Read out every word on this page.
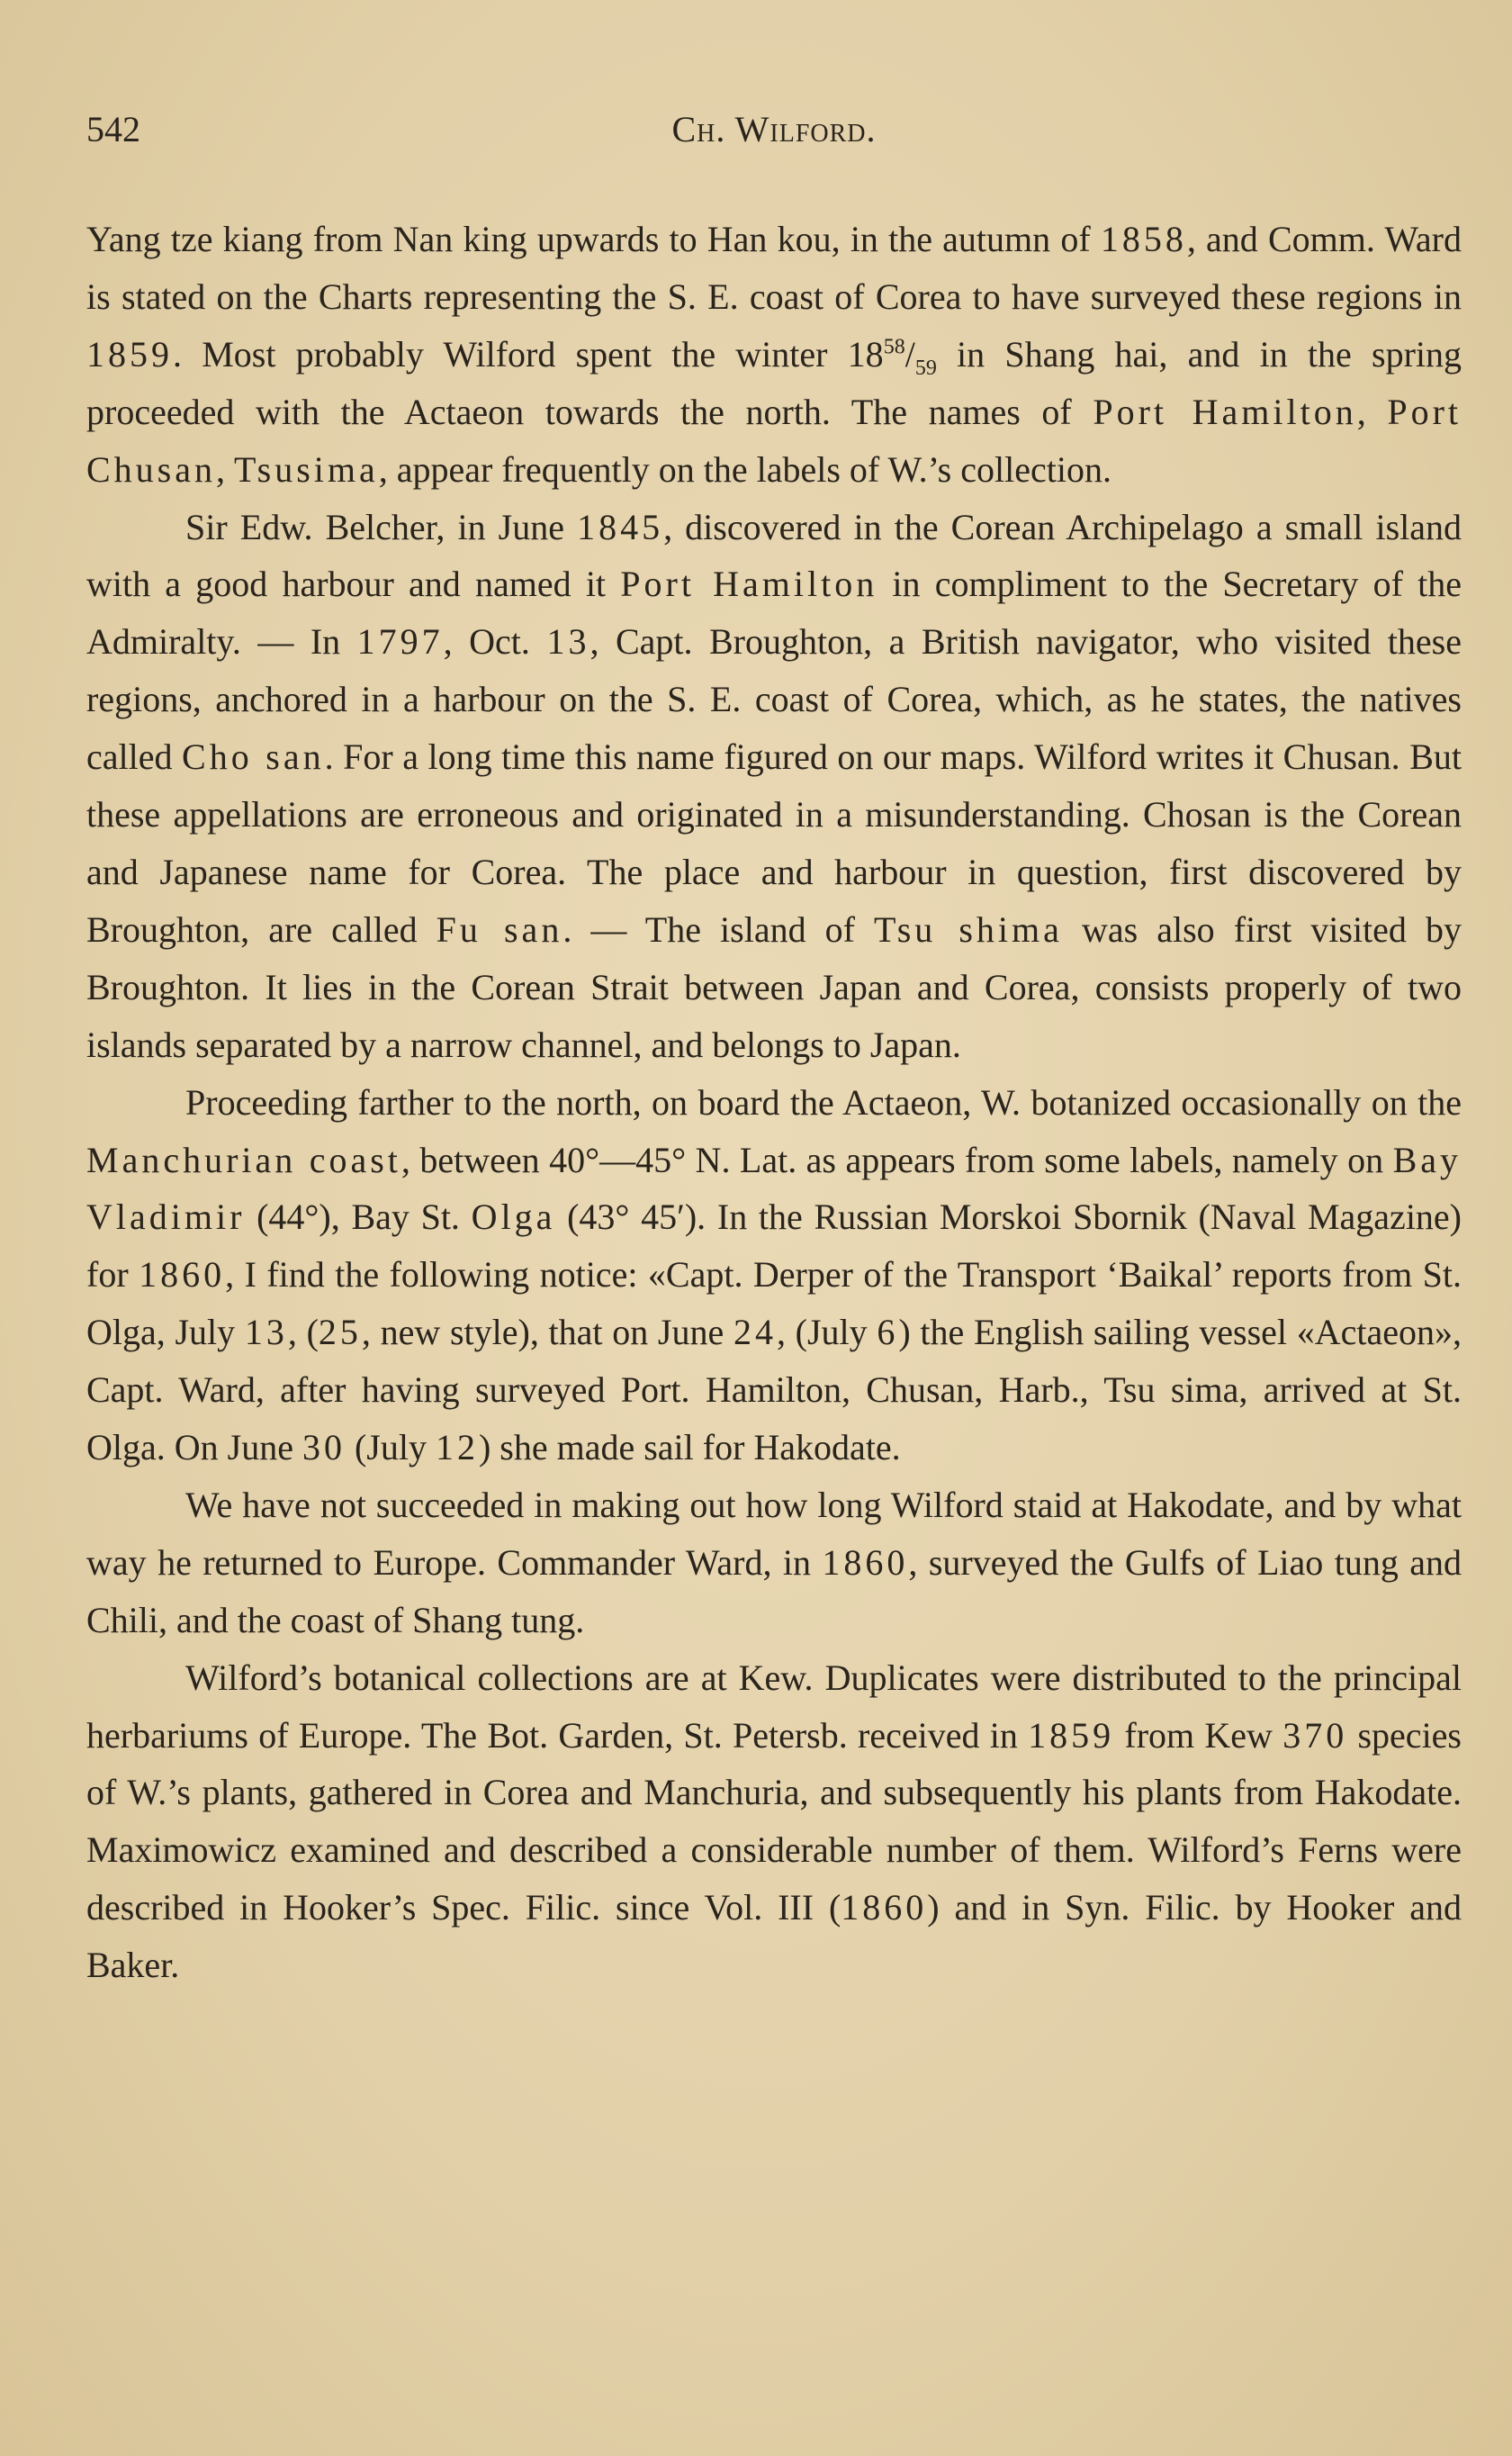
542	Ch. Wilford.

Yang tze kiang from Nan king upwards to Han kou, in the autumn of 1858, and Comm. Ward is stated on the Charts representing the S. E. coast of Corea to have surveyed these regions in 1859. Most probably Wilford spent the winter $18^{58}/_{59}$ in Shang hai, and in the spring proceeded with the Actaeon towards the north. The names of Port Hamilton, Port Chusan, Tsusima, appear frequently on the labels of W.’s collection.

Sir Edw. Belcher, in June 1845, discovered in the Corean Archipelago a small island with a good harbour and named it Port Hamilton in compliment to the Secretary of the Admiralty. — In 1797, Oct. 13, Capt. Broughton, a British navigator, who visited these regions, anchored in a harbour on the S. E. coast of Corea, which, as he states, the natives called Cho san. For a long time this name figured on our maps. Wilford writes it Chusan. But these appellations are erroneous and originated in a misunderstanding. Chosan is the Corean and Japanese name for Corea. The place and harbour in question, first discovered by Broughton, are called Fu san. — The island of Tsu shima was also first visited by Broughton. It lies in the Corean Strait between Japan and Corea, consists properly of two islands separated by a narrow channel, and belongs to Japan.

Proceeding farther to the north, on board the Actaeon, W. botanized occasionally on the Manchurian coast, between 40°—45° N. Lat. as appears from some labels, namely on Bay Vladimir (44°), Bay St. Olga (43° 45′). In the Russian Morskoi Sbornik (Naval Magazine) for 1860, I find the following notice: «Capt. Derper of the Transport ‘Baikal’ reports from St. Olga, July 13, (25, new style), that on June 24, (July 6) the English sailing vessel «Actaeon», Capt. Ward, after having surveyed Port. Hamilton, Chusan, Harb., Tsu sima, arrived at St. Olga. On June 30 (July 12) she made sail for Hakodate.

We have not succeeded in making out how long Wilford staid at Hakodate, and by what way he returned to Europe. Commander Ward, in 1860, surveyed the Gulfs of Liao tung and Chili, and the coast of Shang tung.

Wilford’s botanical collections are at Kew. Duplicates were distributed to the principal herbariums of Europe. The Bot. Garden, St. Petersb. received in 1859 from Kew 370 species of W.’s plants, gathered in Corea and Manchuria, and subsequently his plants from Hakodate. Maximowicz examined and described a considerable number of them. Wilford’s Ferns were described in Hooker’s Spec. Filic. since Vol. III (1860) and in Syn. Filic. by Hooker and Baker.
